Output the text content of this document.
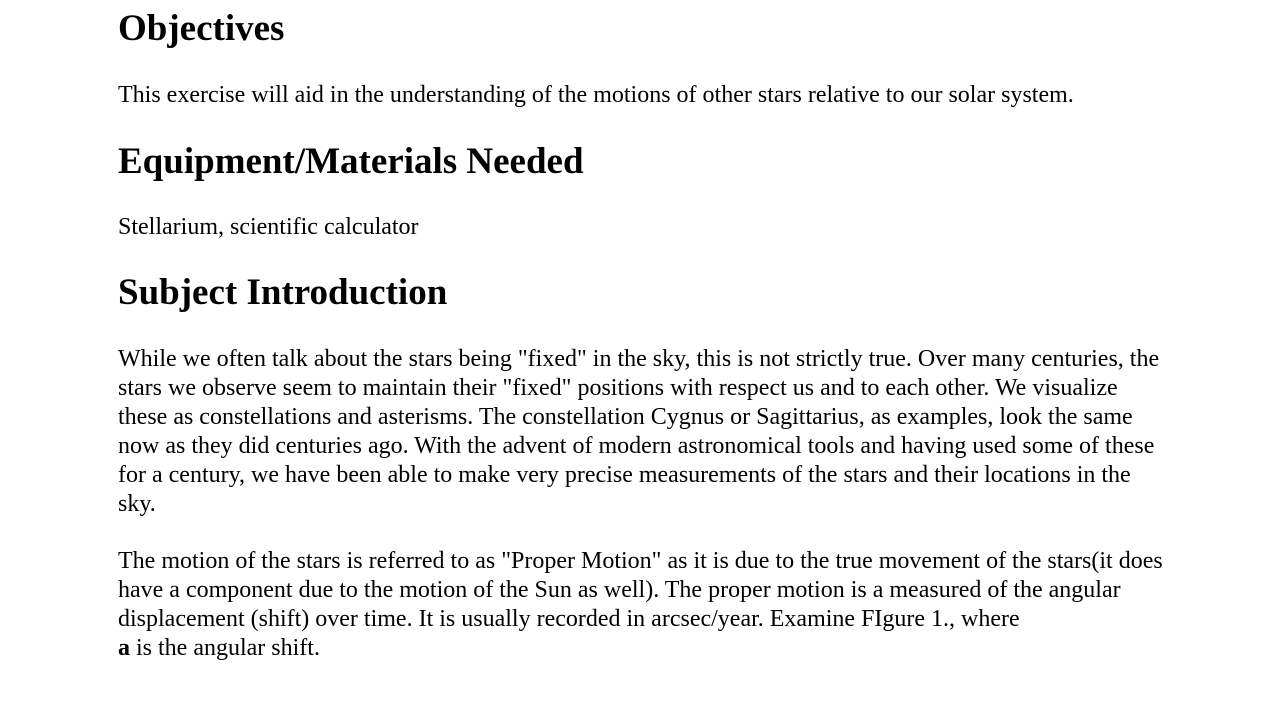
Objectives

This exercise will aid in the understanding of the motions of other stars relative to our solar system.

Equipment/Materials Needed

Stellarium, scientific calculator

Subject Introduction

While we often talk about the stars being "fixed" in the sky, this is not strictly true. Over many centuries, the stars we observe seem to maintain their "fixed" positions with respect us and to each other. We visualize these as constellations and asterisms. The constellation Cygnus or Sagittarius, as examples, look the same now as they did centuries ago. With the advent of modern astronomical tools and having used some of these for a century, we have been able to make very precise measurements of the stars and their locations in the sky.

The motion of the stars is referred to as "Proper Motion" as it is due to the true movement of the stars(it does have a component due to the motion of the Sun as well). The proper motion is a measured of the angular displacement (shift) over time. It is usually recorded in arcsec/year. Examine FIgure 1., where
a is the angular shift.
